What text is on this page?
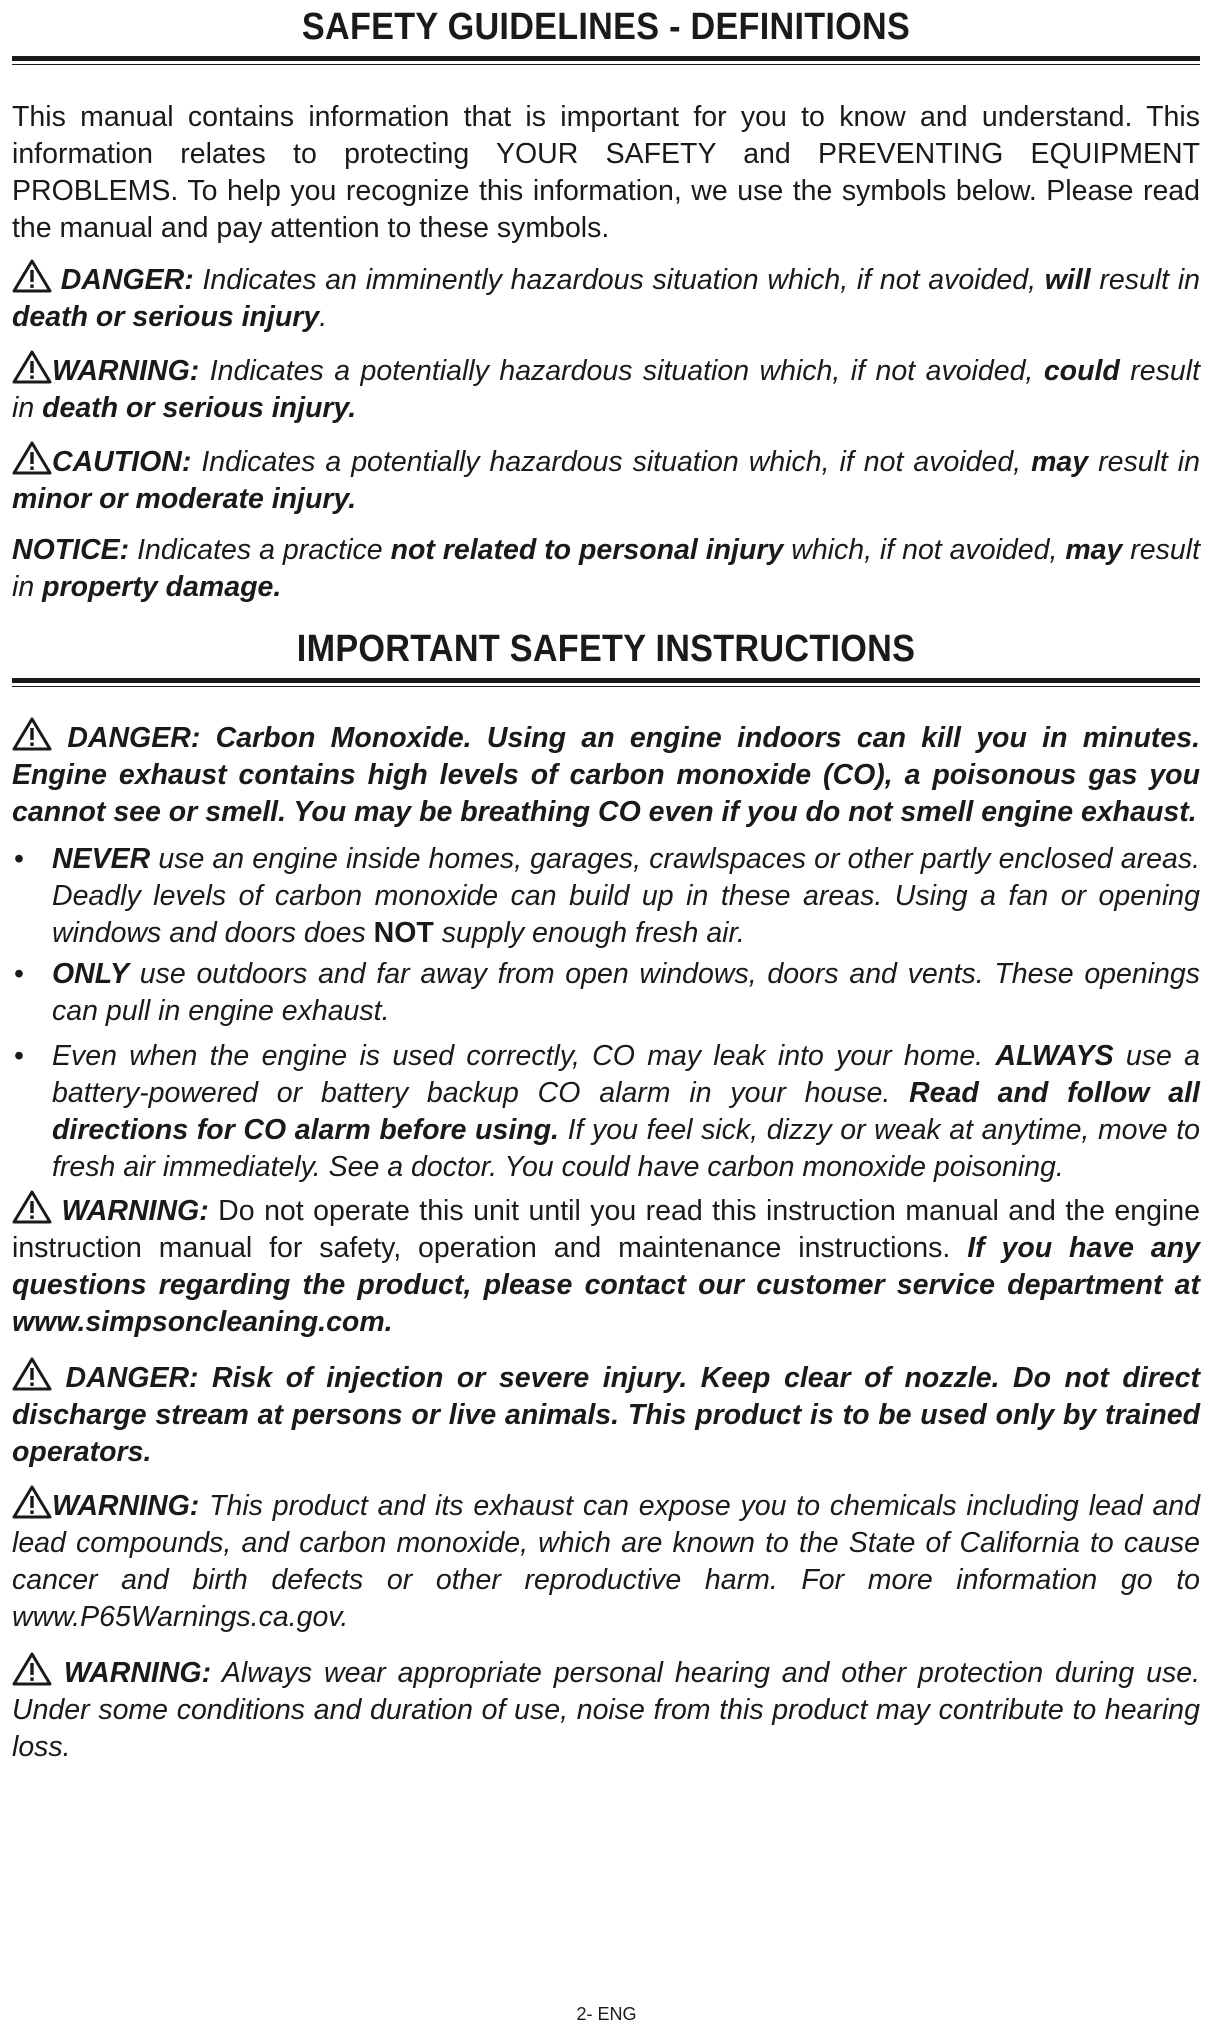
SAFETY GUIDELINES - DEFINITIONS

This manual contains information that is important for you to know and understand. This information relates to protecting YOUR SAFETY and PREVENTING EQUIPMENT PROBLEMS. To help you recognize this information, we use the symbols below. Please read the manual and pay attention to these symbols.

DANGER: Indicates an imminently hazardous situation which, if not avoided, will result in death or serious injury.

WARNING: Indicates a potentially hazardous situation which, if not avoided, could result in death or serious injury.

CAUTION: Indicates a potentially hazardous situation which, if not avoided, may result in minor or moderate injury.

NOTICE: Indicates a practice not related to personal injury which, if not avoided, may result in property damage.

IMPORTANT SAFETY INSTRUCTIONS

DANGER: Carbon Monoxide. Using an engine indoors can kill you in minutes. Engine exhaust contains high levels of carbon monoxide (CO), a poisonous gas you cannot see or smell. You may be breathing CO even if you do not smell engine exhaust.

• NEVER use an engine inside homes, garages, crawlspaces or other partly enclosed areas. Deadly levels of carbon monoxide can build up in these areas. Using a fan or opening windows and doors does NOT supply enough fresh air.
• ONLY use outdoors and far away from open windows, doors and vents. These openings can pull in engine exhaust.
• Even when the engine is used correctly, CO may leak into your home. ALWAYS use a battery-powered or battery backup CO alarm in your house. Read and follow all directions for CO alarm before using. If you feel sick, dizzy or weak at anytime, move to fresh air immediately. See a doctor. You could have carbon monoxide poisoning.

WARNING: Do not operate this unit until you read this instruction manual and the engine instruction manual for safety, operation and maintenance instructions. If you have any questions regarding the product, please contact our customer service department at www.simpsoncleaning.com.

DANGER: Risk of injection or severe injury. Keep clear of nozzle. Do not direct discharge stream at persons or live animals. This product is to be used only by trained operators.

WARNING: This product and its exhaust can expose you to chemicals including lead and lead compounds, and carbon monoxide, which are known to the State of California to cause cancer and birth defects or other reproductive harm. For more information go to www.P65Warnings.ca.gov.

WARNING: Always wear appropriate personal hearing and other protection during use. Under some conditions and duration of use, noise from this product may contribute to hearing loss.

2- ENG
